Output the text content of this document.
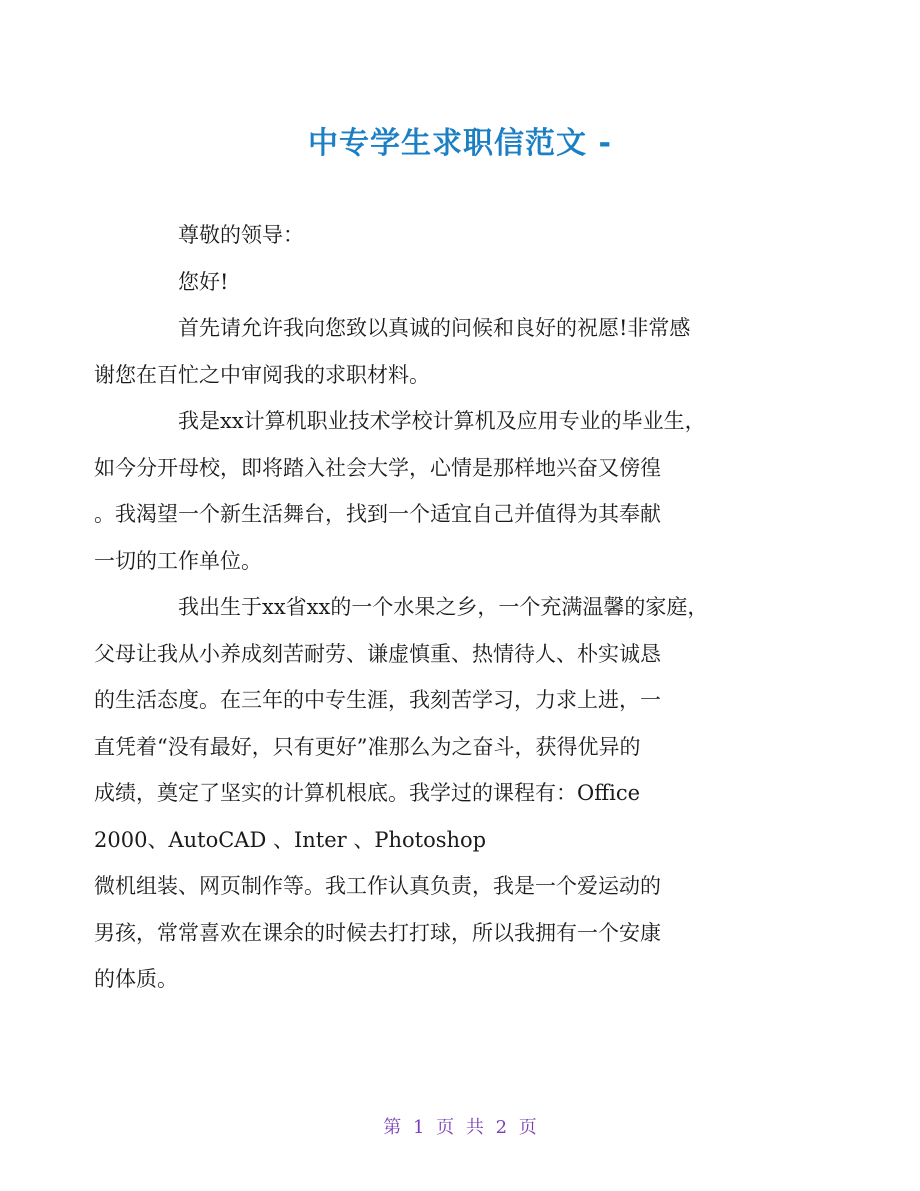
中专学生求职信范文 -

尊敬的领导：

您好!

首先请允许我向您致以真诚的问候和良好的祝愿!非常感
谢您在百忙之中审阅我的求职材料。

我是xx计算机职业技术学校计算机及应用专业的毕业生，
如今分开母校，即将踏入社会大学，心情是那样地兴奋又傍徨
。我渴望一个新生活舞台，找到一个适宜自己并值得为其奉献
一切的工作单位。

我出生于xx省xx的一个水果之乡，一个充满温馨的家庭，
父母让我从小养成刻苦耐劳、谦虚慎重、热情待人、朴实诚恳
的生活态度。在三年的中专生涯，我刻苦学习，力求上进，一
直凭着“没有最好，只有更好”准那么为之奋斗，获得优异的
成绩，奠定了坚实的计算机根底。我学过的课程有：Office
2000、AutoCAD 、Inter 、Photoshop
微机组装、网页制作等。我工作认真负责，我是一个爱运动的
男孩，常常喜欢在课余的时候去打打球，所以我拥有一个安康
的体质。

第 1 页 共 2 页
